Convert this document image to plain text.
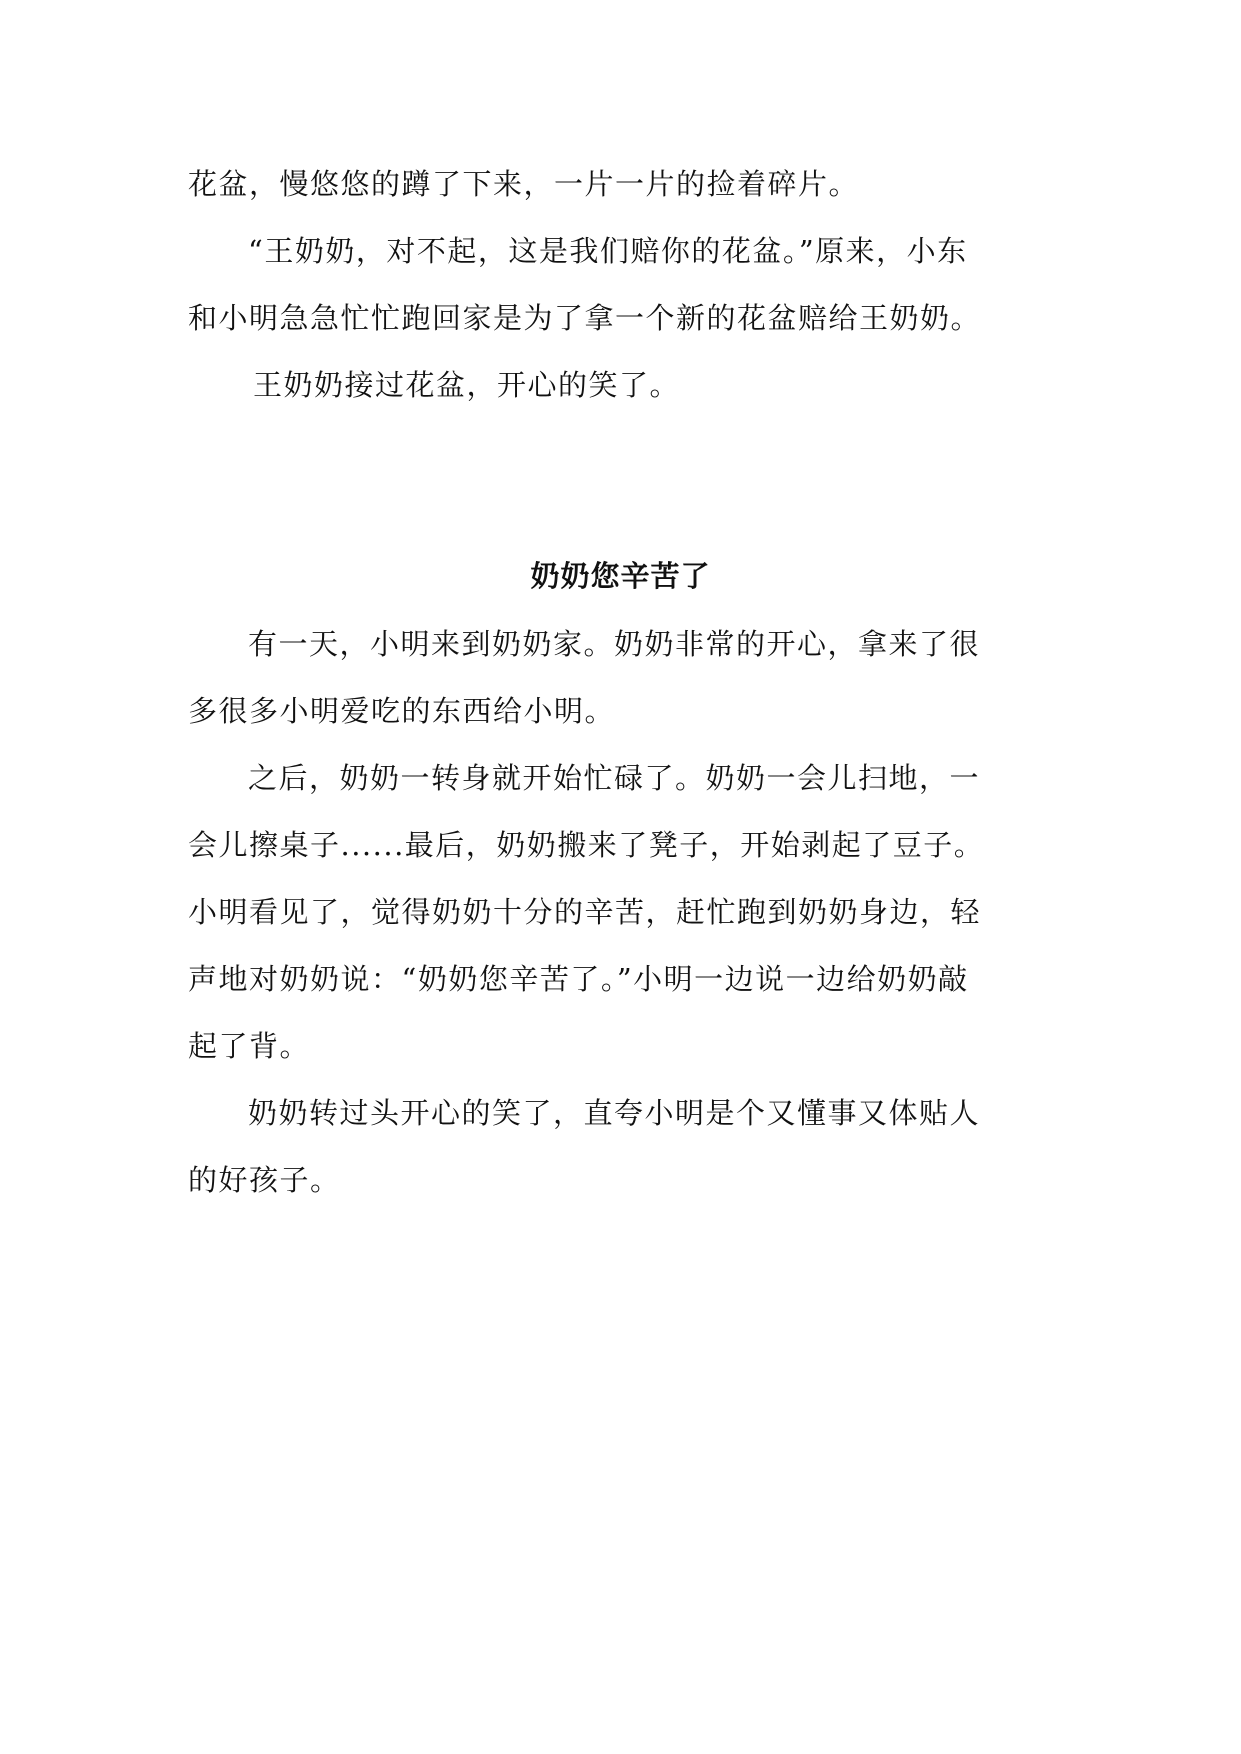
花盆，慢悠悠的蹲了下来，一片一片的捡着碎片。
“王奶奶，对不起，这是我们赔你的花盆。”原来，小东
和小明急急忙忙跑回家是为了拿一个新的花盆赔给王奶奶。
王奶奶接过花盆，开心的笑了。
奶奶您辛苦了
有一天，小明来到奶奶家。奶奶非常的开心，拿来了很
多很多小明爱吃的东西给小明。
之后，奶奶一转身就开始忙碌了。奶奶一会儿扫地，一
会儿擦桌子......最后，奶奶搬来了凳子，开始剥起了豆子。
小明看见了，觉得奶奶十分的辛苦，赶忙跑到奶奶身边，轻
声地对奶奶说：“奶奶您辛苦了。”小明一边说一边给奶奶敲
起了背。
奶奶转过头开心的笑了，直夸小明是个又懂事又体贴人
的好孩子。
